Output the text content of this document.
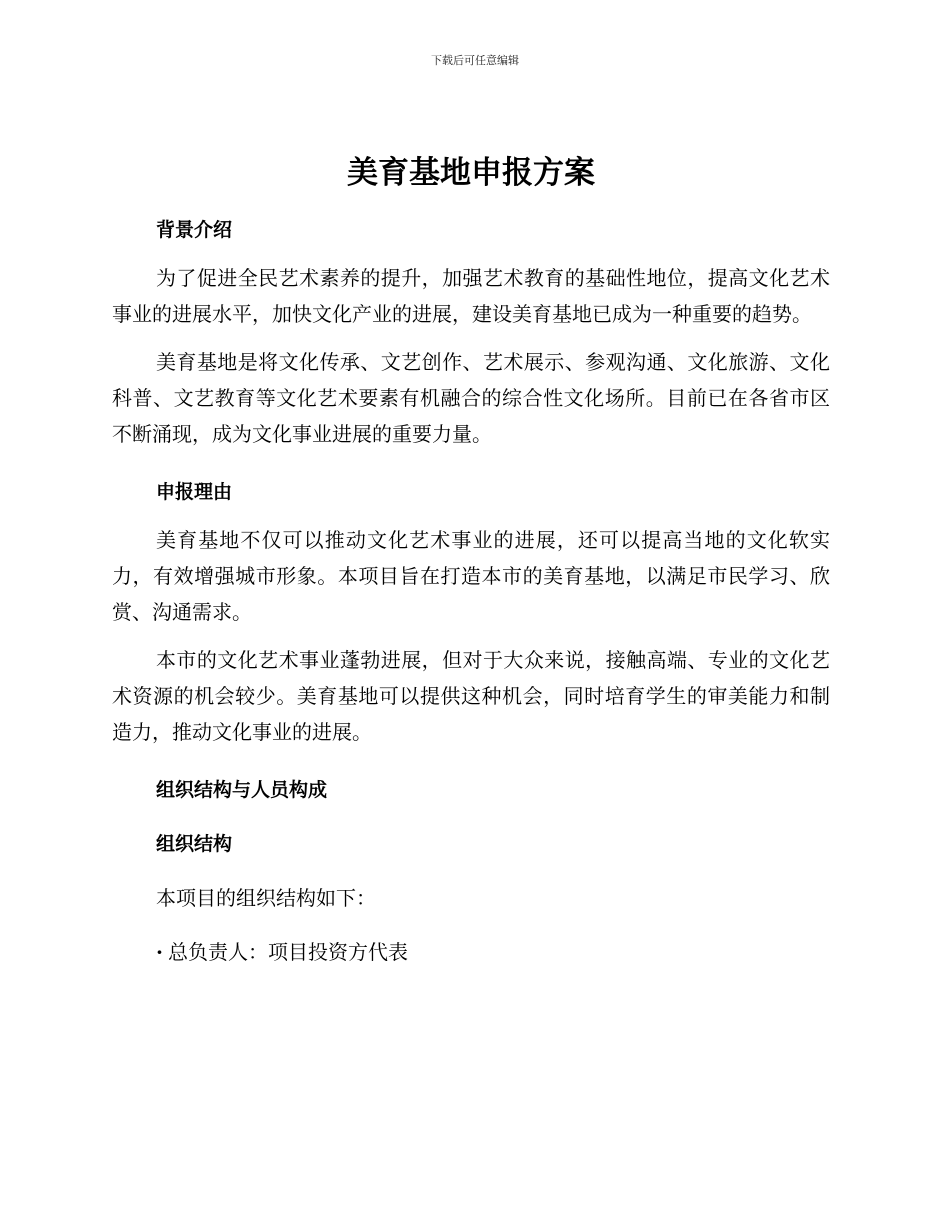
下载后可任意编辑
美育基地申报方案
背景介绍

为了促进全民艺术素养的提升，加强艺术教育的基础性地位，提高文化艺术事业的进展水平，加快文化产业的进展，建设美育基地已成为一种重要的趋势。

美育基地是将文化传承、文艺创作、艺术展示、参观沟通、文化旅游、文化科普、文艺教育等文化艺术要素有机融合的综合性文化场所。目前已在各省市区不断涌现，成为文化事业进展的重要力量。

申报理由

美育基地不仅可以推动文化艺术事业的进展，还可以提高当地的文化软实力，有效增强城市形象。本项目旨在打造本市的美育基地，以满足市民学习、欣赏、沟通需求。

本市的文化艺术事业蓬勃进展，但对于大众来说，接触高端、专业的文化艺术资源的机会较少。美育基地可以提供这种机会，同时培育学生的审美能力和制造力，推动文化事业的进展。

组织结构与人员构成
组织结构

本项目的组织结构如下：

· 总负责人：项目投资方代表
